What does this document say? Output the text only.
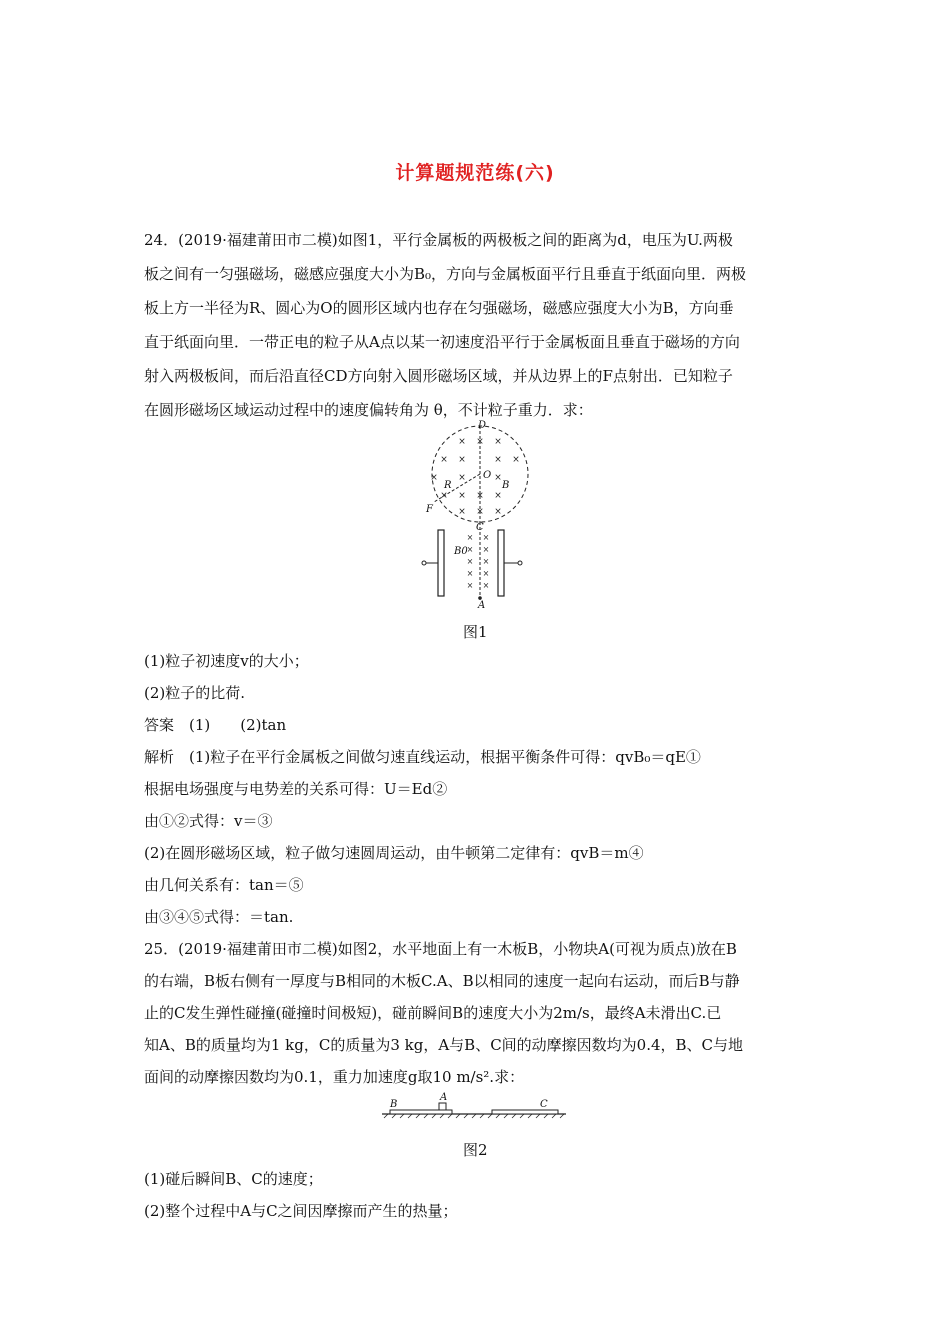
计算题规范练(六)
24．(2019·福建莆田市二模)如图1，平行金属板的两极板之间的距离为d，电压为U.两极
板之间有一匀强磁场，磁感应强度大小为B₀，方向与金属板面平行且垂直于纸面向里．两极
板上方一半径为R、圆心为O的圆形区域内也存在匀强磁场，磁感应强度大小为B，方向垂
直于纸面向里．一带正电的粒子从A点以某一初速度沿平行于金属板面且垂直于磁场的方向
射入两极板间，而后沿直径CD方向射入圆形磁场区域，并从边界上的F点射出．已知粒子
在圆形磁场区域运动过程中的速度偏转角为 θ，不计粒子重力．求：
× × ×
× ×	× ×
× ×	×
× × × ×
× × ×
× ×
× ×
× ×
× ×
× ×
D
O
R	B
F
C
B0
A
图1
(1)粒子初速度v的大小；
(2)粒子的比荷.
答案　(1)　　(2)tan
解析　(1)粒子在平行金属板之间做匀速直线运动，根据平衡条件可得：qvB₀＝qE①
根据电场强度与电势差的关系可得：U＝Ed②
由①②式得：v＝③
(2)在圆形磁场区域，粒子做匀速圆周运动，由牛顿第二定律有：qvB＝m④
由几何关系有：tan＝⑤
由③④⑤式得：＝tan.
25．(2019·福建莆田市二模)如图2，水平地面上有一木板B，小物块A(可视为质点)放在B
的右端，B板右侧有一厚度与B相同的木板C.A、B以相同的速度一起向右运动，而后B与静
止的C发生弹性碰撞(碰撞时间极短)，碰前瞬间B的速度大小为2m/s，最终A未滑出C.已
知A、B的质量均为1 kg，C的质量为3 kg，A与B、C间的动摩擦因数均为0.4，B、C与地
面间的动摩擦因数均为0.1，重力加速度g取10 m/s².求：
B
A
C
图2
(1)碰后瞬间B、C的速度；
(2)整个过程中A与C之间因摩擦而产生的热量；
